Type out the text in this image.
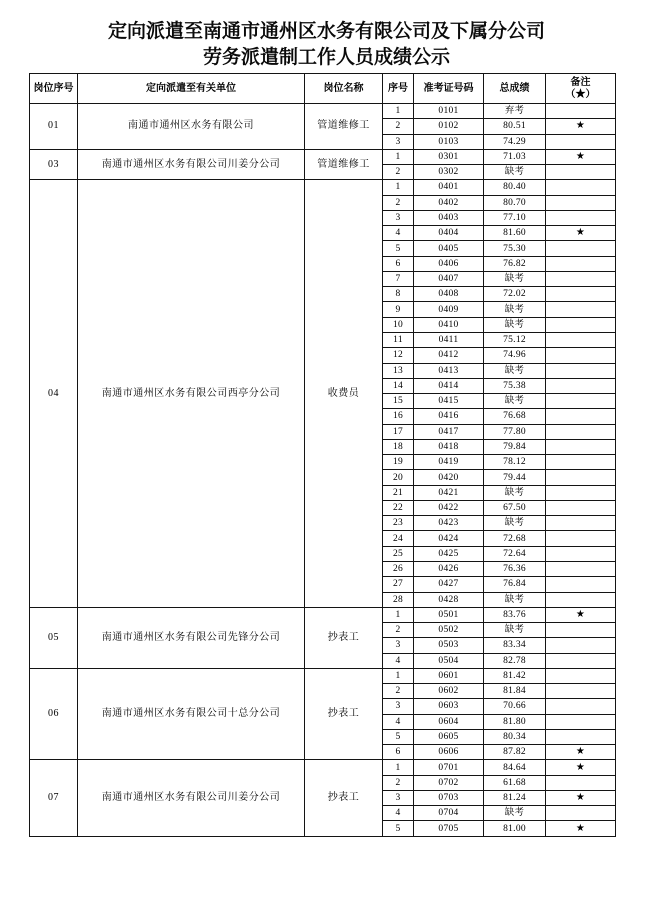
定向派遣至南通市通州区水务有限公司及下属分公司
劳务派遣制工作人员成绩公示
岗位序号	定向派遣至有关单位	岗位名称	序号	准考证号码	总成绩	备注
（★）
01	南通市通州区水务有限公司	管道维修工	1	0101	弃考	
			2	0102	80.51	★
			3	0103	74.29	
03	南通市通州区水务有限公司川姜分公司	管道维修工	1	0301	71.03	★
			2	0302	缺考	
04	南通市通州区水务有限公司西亭分公司	收费员	1	0401	80.40	
			2	0402	80.70	
			3	0403	77.10	
			4	0404	81.60	★
			5	0405	75.30	
			6	0406	76.82	
			7	0407	缺考	
			8	0408	72.02	
			9	0409	缺考	
			10	0410	缺考	
			11	0411	75.12	
			12	0412	74.96	
			13	0413	缺考	
			14	0414	75.38	
			15	0415	缺考	
			16	0416	76.68	
			17	0417	77.80	
			18	0418	79.84	
			19	0419	78.12	
			20	0420	79.44	
			21	0421	缺考	
			22	0422	67.50	
			23	0423	缺考	
			24	0424	72.68	
			25	0425	72.64	
			26	0426	76.36	
			27	0427	76.84	
			28	0428	缺考	
05	南通市通州区水务有限公司先锋分公司	抄表工	1	0501	83.76	★
			2	0502	缺考	
			3	0503	83.34	
			4	0504	82.78	
06	南通市通州区水务有限公司十总分公司	抄表工	1	0601	81.42	
			2	0602	81.84	
			3	0603	70.66	
			4	0604	81.80	
			5	0605	80.34	
			6	0606	87.82	★
07	南通市通州区水务有限公司川姜分公司	抄表工	1	0701	84.64	★
			2	0702	61.68	
			3	0703	81.24	★
			4	0704	缺考	
			5	0705	81.00	★
